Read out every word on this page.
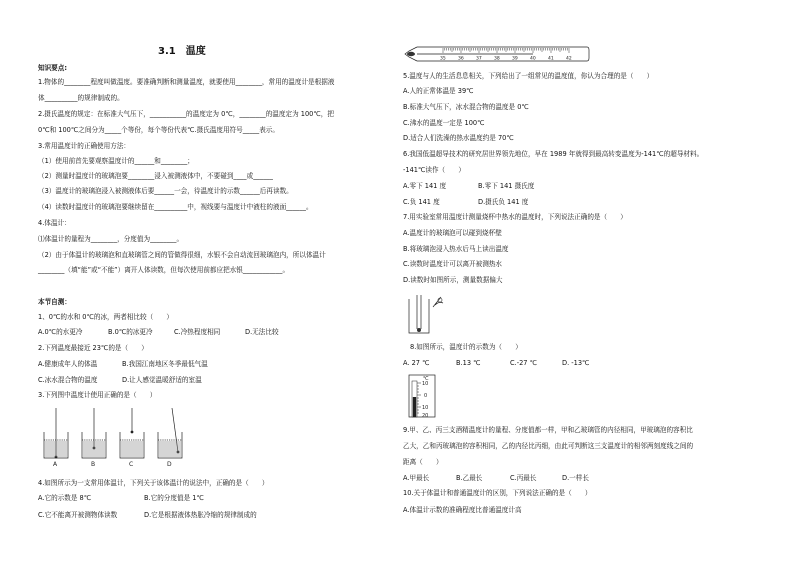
3.1　温度
知识要点:
1.物体的________程度叫做温度。要准确判断和测量温度，就要使用________，常用的温度计是根据液
体__________的规律制成的。
2.摄氏温度的规定：在标准大气压下，___________的温度定为 0℃，________的温度定为 100℃，把
0℃和 100℃之间分为_____个等份，每个等份代表℃.摄氏温度用符号_____表示。
3.常用温度计的正确使用方法：
（1）使用前首先要观察温度计的______和________；
（2）测量时温度计的玻璃泡要________浸入被测液体中，不要碰到____或______
（3）温度计的玻璃泡浸入被测液体后要______一会，待温度计的示数______后再读数。
（4）读数时温度计的玻璃泡要继续留在__________中，视线要与温度计中液柱的液面______。
4.体温计：
⑴体温计的量程为________，分度值为________。
（2）由于体温计的玻璃泡和直玻璃管之间的管做得很细，水银不会自动流回玻璃泡内，所以体温计
________（填“能”或“不能”）离开人体读数，但每次使用前都应把水银____________。
本节自测：
1、0℃的水和 0℃的冰，两者相比较（　　）
A.0℃的水更冷	B.0℃的冰更冷	C.冷热程度相同	D.无法比较
2.下列温度最接近 23℃的是（　　）
A.健康成年人的体温	B.我国江南地区冬季最低气温
C.冰水混合物的温度	D.让人感觉温暖舒适的室温
3.下列图中温度计使用正确的是（　　）
A	B	C	D
4.如图所示为一支常用体温计，下列关于该体温计的说法中，正确的是（　　）
A.它的示数是 8℃	B.它的分度值是 1℃
C.它不能离开被测物体读数	D.它是根据液体热胀冷缩的规律制成的
35	36	37	38	39	40	41	42
5.温度与人的生活息息相关，下列给出了一组常见的温度值，你认为合理的是（　　）
A.人的正常体温是 39℃
B.标准大气压下，冰水混合物的温度是 0℃
C.沸水的温度一定是 100℃
D.适合人们洗澡的热水温度约是 70℃
6.我国低温超导技术的研究居世界领先地位，早在 1989 年就得到最高转变温度为-141℃的超导材料。
-141℃读作（　　）
A.零下 141 度	B.零下 141 摄氏度
C.负 141 度	D.摄氏负 141 度
7.用实验室常用温度计测量烧杯中热水的温度时，下列说法正确的是（　　）
A.温度计的玻璃泡可以碰到烧杯壁
B.将玻璃泡浸入热水后马上读出温度
C.读数时温度计可以离开被测热水
D.读数时如图所示，测量数据偏大
8.如图所示，温度计的示数为（　　）
A. 27 ℃	B.13 ℃	C.-27 ℃	D. -13℃
℃
10
0
10
20
9.甲、乙、丙三支酒精温度计的量程、分度值都一样，甲和乙玻璃管的内径相同，甲玻璃泡的容积比
乙大，乙和丙玻璃泡的容积相同，乙的内径比丙细，由此可判断这三支温度计的相邻两刻度线之间的
距离（　　）
A.甲最长	B.乙最长	C.丙最长	D.一样长
10.关于体温计和普通温度计的区别，下列说法正确的是（　　）
A.体温计示数的准确程度比普通温度计高
